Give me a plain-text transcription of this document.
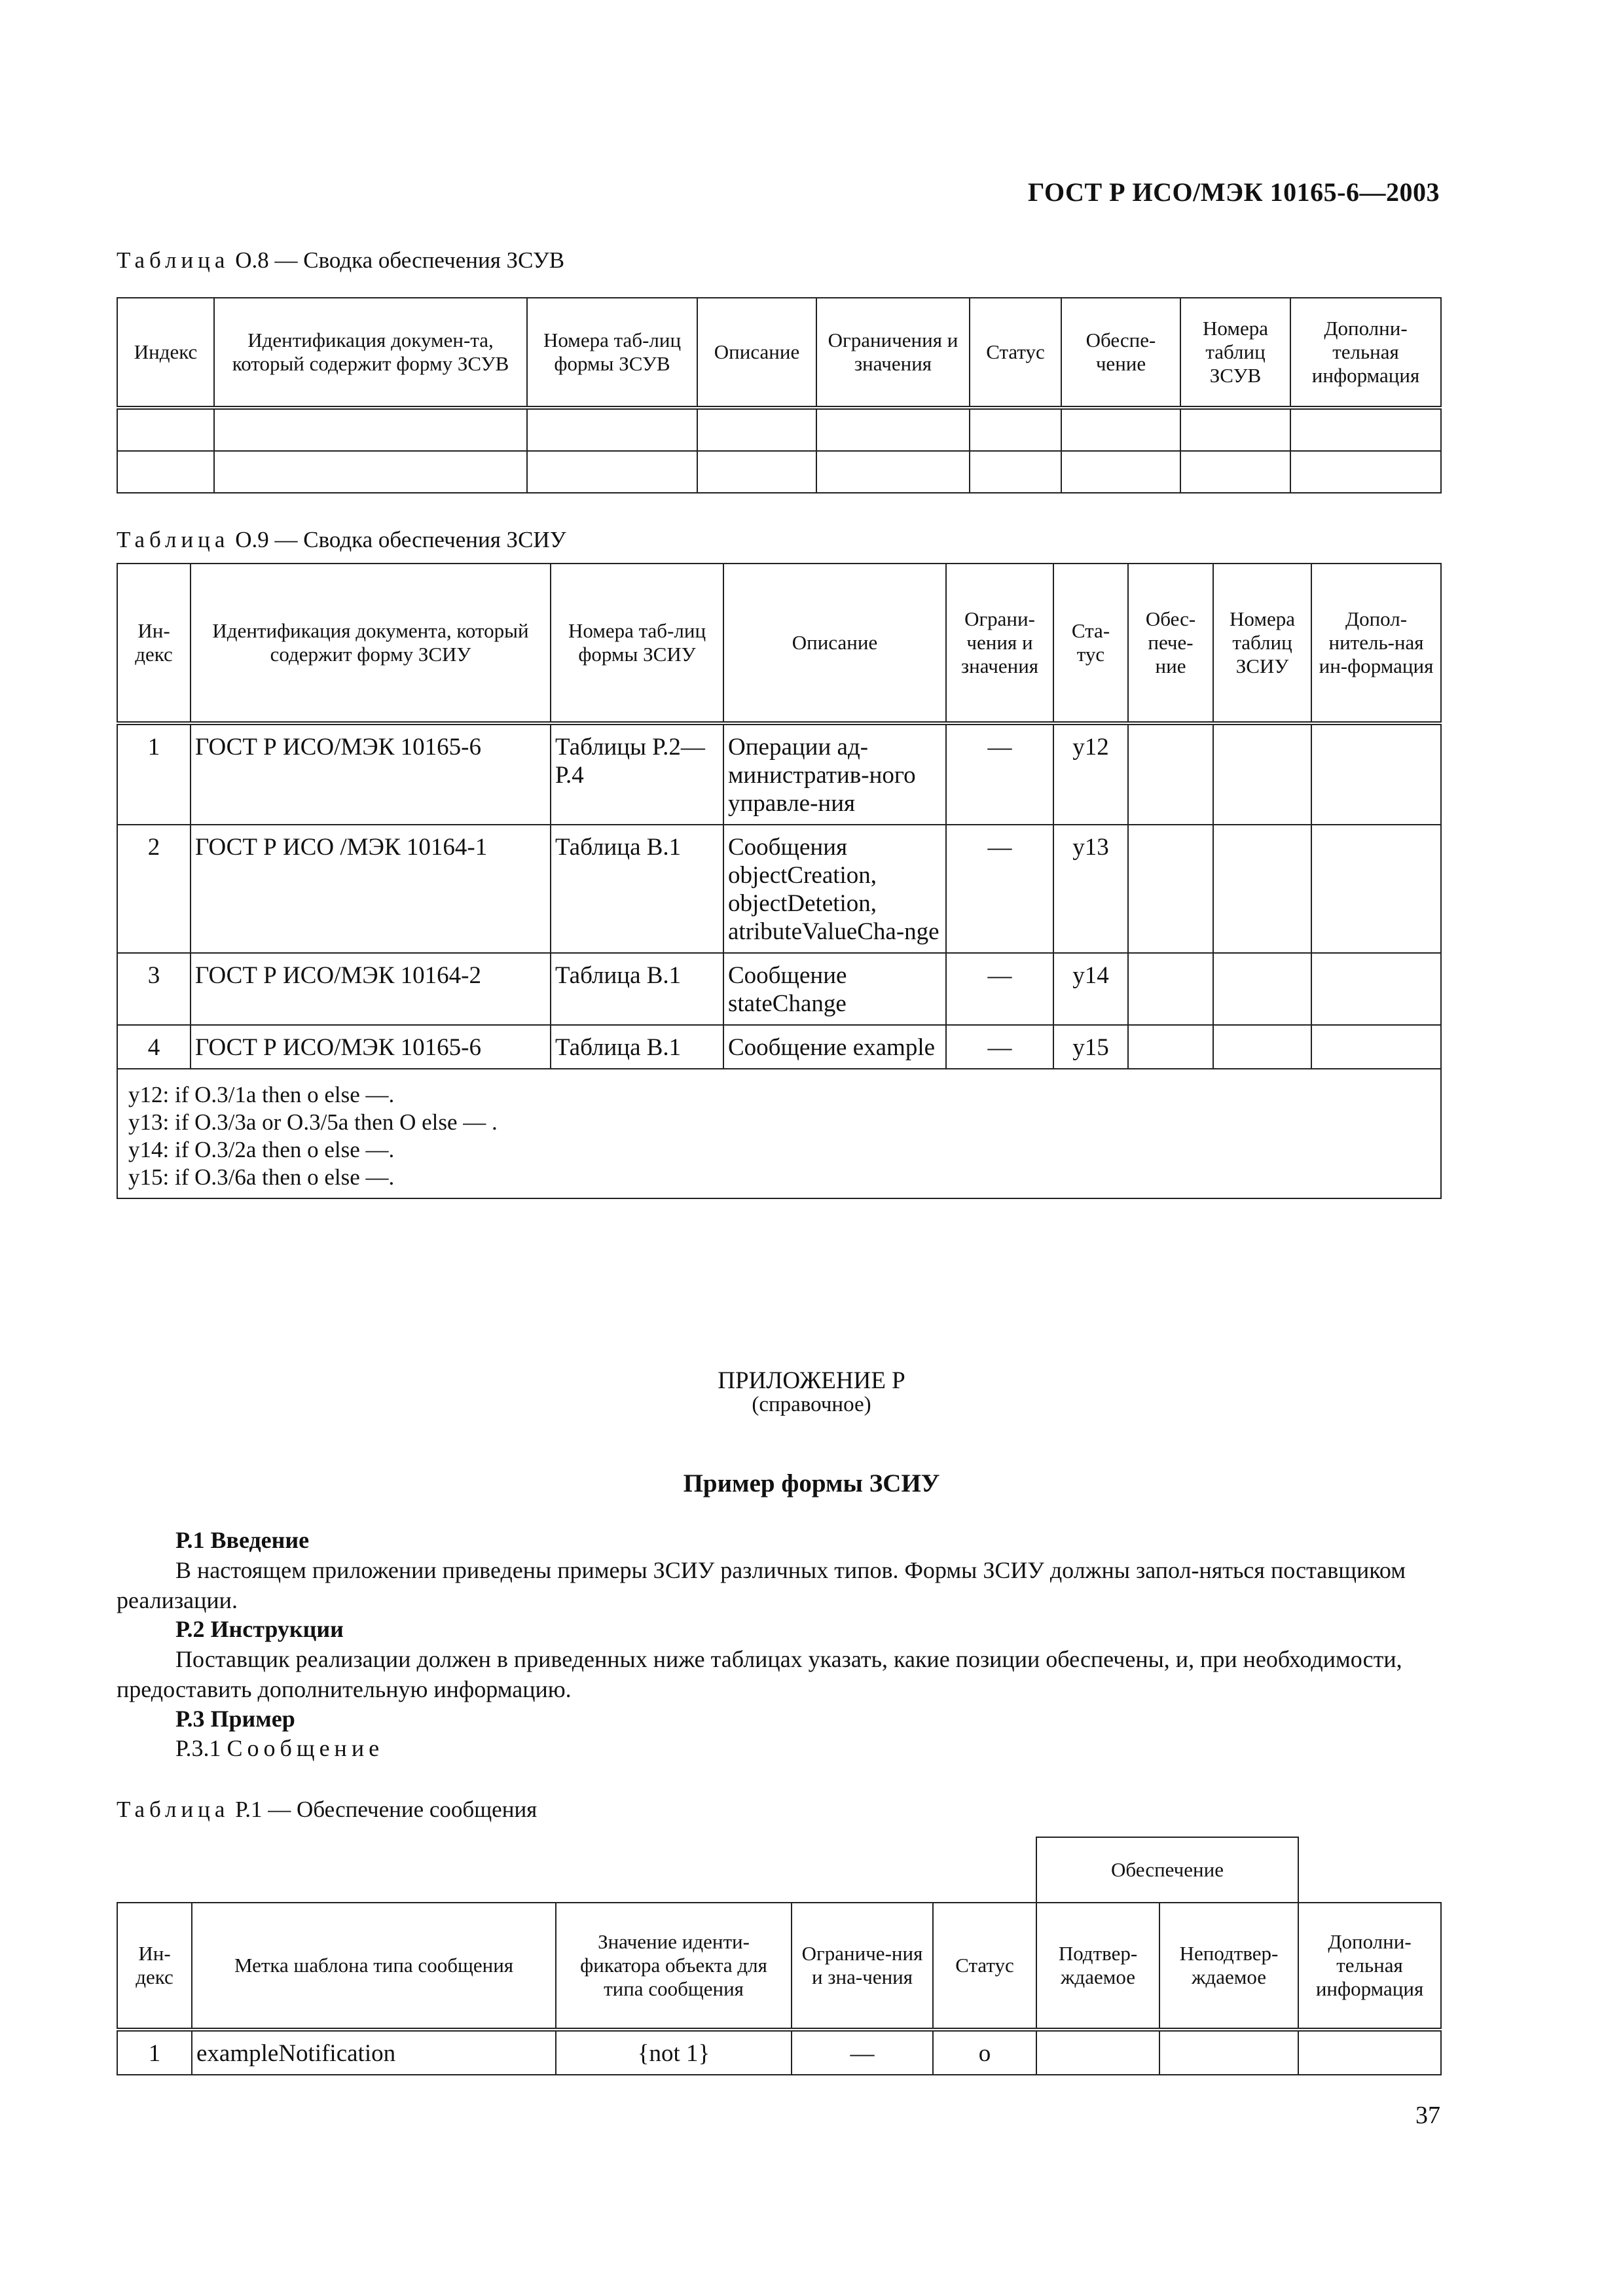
ГОСТ Р ИСО/МЭК 10165-6—2003
Таблица О.8 — Сводка обеспечения ЗСУВ
Индекс	Идентификация докумен-та, который содержит форму ЗСУВ	Номера таб-лиц формы ЗСУВ	Описание	Ограничения и значения	Статус	Обеспе-чение	Номера таблиц ЗСУВ	Дополни-тельная информация

Таблица О.9 — Сводка обеспечения ЗСИУ
Ин-декс	Идентификация документа, который содержит форму ЗСИУ	Номера таб-лиц формы ЗСИУ	Описание	Ограни-чения и значения	Ста-тус	Обес-пече-ние	Номера таблиц ЗСИУ	Допол-нитель-ная ин-формация
1	ГОСТ Р ИСО/МЭК 10165-6	Таблицы Р.2—Р.4	Операции ад-министратив-ного управле-ния	—	у12			
2	ГОСТ Р ИСО /МЭК 10164-1	Таблица В.1	Сообщения objectCreation, objectDetetion, atributeValueCha-nge	—	у13			
3	ГОСТ Р ИСО/МЭК 10164-2	Таблица В.1	Сообщение stateChange	—	у14			
4	ГОСТ Р ИСО/МЭК 10165-6	Таблица В.1	Сообщение example	—	у15			

у12: if О.3/1а then о else —.
у13: if О.3/3а or О.3/5а then О else — .
у14: if О.3/2а then о else —.
у15: if О.3/6а then о else —.								
ПРИЛОЖЕНИЕ Р
(справочное)
Пример формы ЗСИУ
Р.1 Введение
В настоящем приложении приведены примеры ЗСИУ различных типов. Формы ЗСИУ должны запол-няться поставщиком реализации.
Р.2 Инструкции
Поставщик реализации должен в приведенных ниже таблицах указать, какие позиции обеспечены, и, при необходимости, предоставить дополнительную информацию.
Р.3 Пример
Р.3.1 Сообщение
Таблица Р.1 — Обеспечение сообщения
					Обеспечение		
Ин-декс	Метка шаблона типа сообщения	Значение иденти-фикатора объекта для типа сообщения	Ограниче-ния и зна-чения	Статус	Подтвер-ждаемое	Неподтвер-ждаемое	Дополни-тельная информация
1	exampleNotification	{not 1}	—	о			
37
